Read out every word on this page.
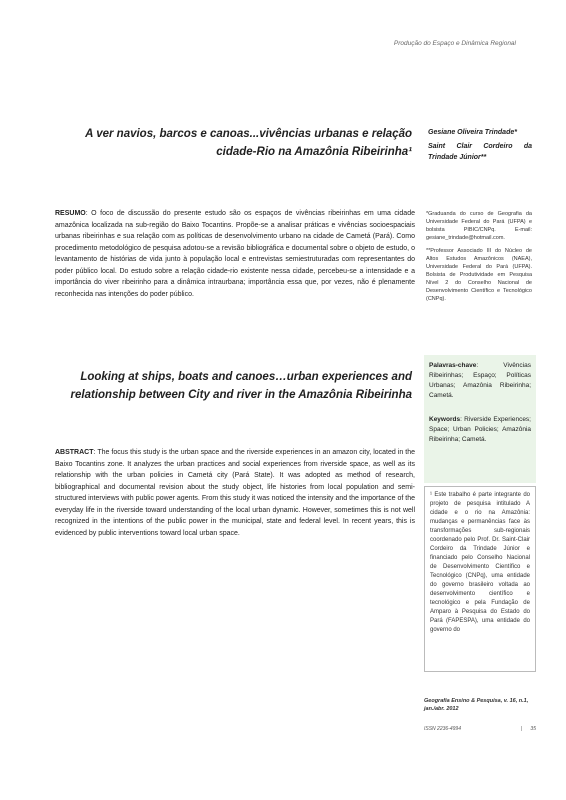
Produção do Espaço e Dinâmica Regional
A ver navios, barcos e canoas...vivências urbanas e relação cidade-Rio na Amazônia Ribeirinha¹

Gesiane Oliveira Trindade*

Saint Clair Cordeiro da Trindade Júnior**

RESUMO: O foco de discussão do presente estudo são os espaços de vivências ribeirinhas em uma cidade amazônica localizada na sub-região do Baixo Tocantins. Propõe-se a analisar práticas e vivências socioespaciais urbanas ribeirinhas e sua relação com as políticas de desenvolvimento urbano na cidade de Cametá (Pará). Como procedimento metodológico de pesquisa adotou-se a revisão bibliográfica e documental sobre o objeto de estudo, o levantamento de histórias de vida junto à população local e entrevistas semiestruturadas com representantes do poder público local. Do estudo sobre a relação cidade-rio existente nessa cidade, percebeu-se a intensidade e a importância do viver ribeirinho para a dinâmica intraurbana; importância essa que, por vezes, não é plenamente reconhecida nas intenções do poder público.

*Graduanda do curso de Geografia da Universidade Federal do Pará (UFPA) e bolsista PIBIC/CNPq. E-mail: gesiane_trindade@hotmail.com.

**Professor Associado III do Núcleo de Altos Estudos Amazônicos (NAEA), Universidade Federal do Pará (UFPA). Bolsista de Produtividade em Pesquisa Nível 2 do Conselho Nacional de Desenvolvimento Científico e Tecnológico (CNPq).

Palavras-chave: Vivências Ribeirinhas; Espaço; Políticas Urbanas; Amazônia Ribeirinha; Cametá.

Keywords: Riverside Experiences; Space; Urban Policies; Amazônia Ribeirinha; Cametá.

Looking at ships, boats and canoes…urban experiences and relationship between City and river in the Amazônia Ribeirinha
ABSTRACT: The focus this study is the urban space and the riverside experiences in an amazon city, located in the Baixo Tocantins zone. It analyzes the urban practices and social experiences from riverside space, as well as its relationship with the urban policies in Cametá city (Pará State). It was adopted as method of research, bibliographical and documental revision about the study object, life histories from local population and semi-structured interviews with public power agents. From this study it was noticed the intensity and the importance of the everyday life in the riverside toward understanding of the local urban dynamic. However, sometimes this is not well recognized in the intentions of the public power in the municipal, state and federal level. In recent years, this is evidenced by public interventions toward local urban space.
¹ Este trabalho é parte integrante do projeto de pesquisa intitulado A cidade e o rio na Amazônia: mudanças e permanências face às transformações sub-regionais coordenado pelo Prof. Dr. Saint-Clair Cordeiro da Trindade Júnior e financiado pelo Conselho Nacional de Desenvolvimento Científico e Tecnológico (CNPq), uma entidade do governo brasileiro voltada ao desenvolvimento científico e tecnológico e pela Fundação de Amparo à Pesquisa do Estado do Pará (FAPESPA), uma entidade do governo do
Geografia Ensino & Pesquisa, v. 16, n.1, jan./abr. 2012
ISSN 2236-4994	| 35
